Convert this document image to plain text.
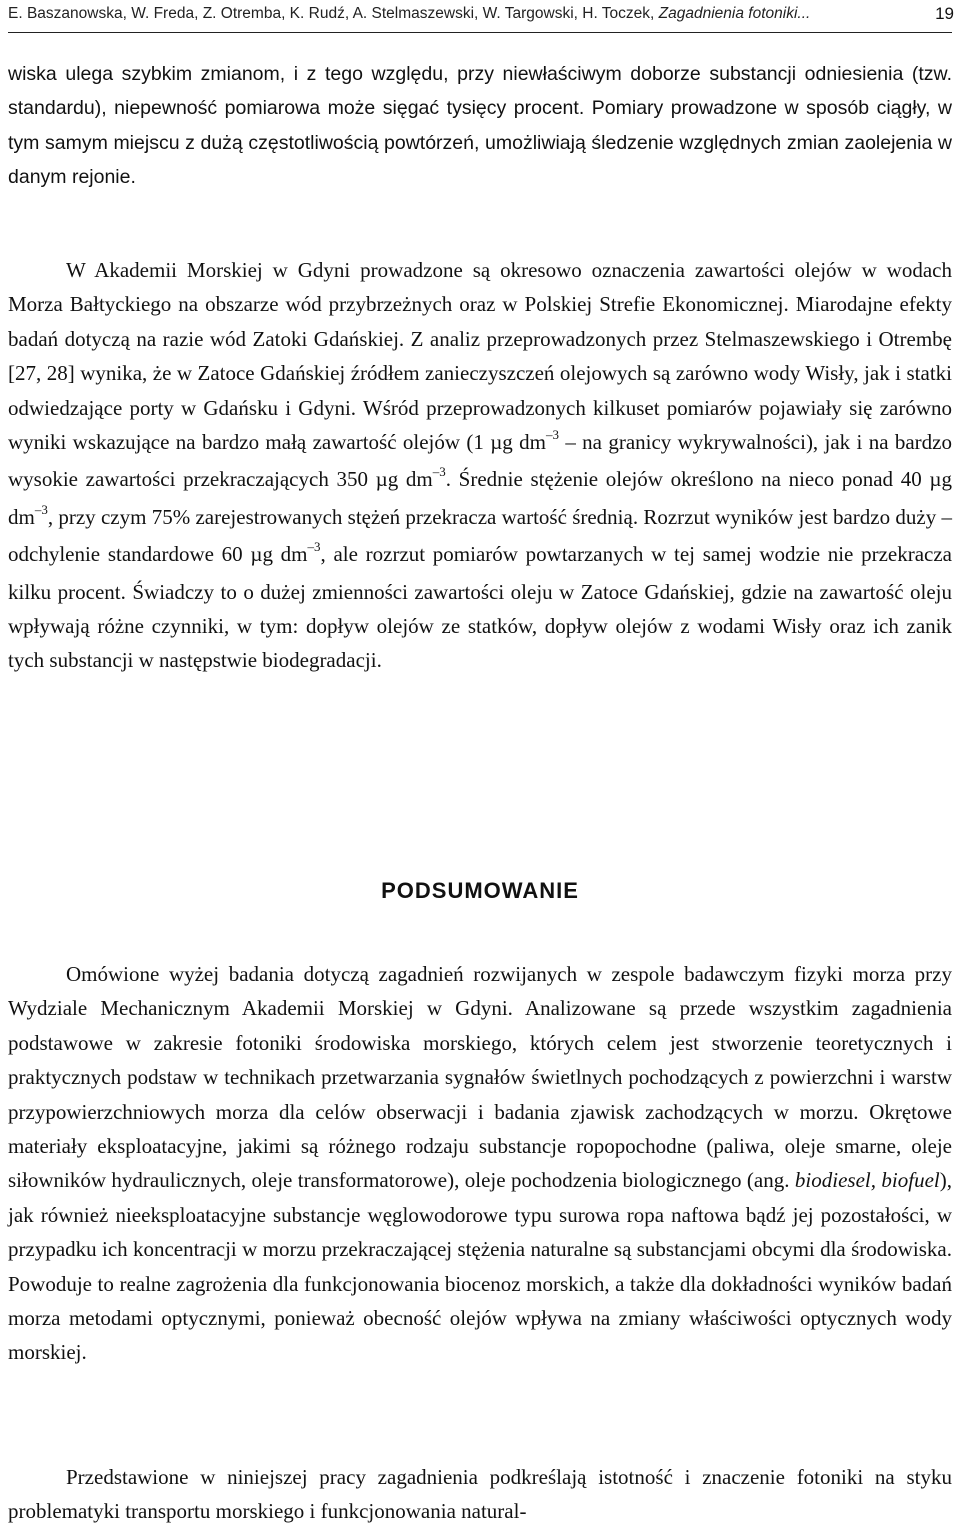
E. Baszanowska, W. Freda, Z. Otremba, K. Rudź, A. Stelmaszewski, W. Targowski, H. Toczek, Zagadnienia fotoniki...	19

wiska ulega szybkim zmianom, i z tego względu, przy niewłaściwym doborze substancji odniesienia (tzw. standardu), niepewność pomiarowa może sięgać tysięcy procent. Pomiary prowadzone w sposób ciągły, w tym samym miejscu z dużą częstotliwością powtórzeń, umożliwiają śledzenie względnych zmian zaolejenia w danym rejonie.

W Akademii Morskiej w Gdyni prowadzone są okresowo oznaczenia zawartości olejów w wodach Morza Bałtyckiego na obszarze wód przybrzeżnych oraz w Polskiej Strefie Ekonomicznej. Miarodajne efekty badań dotyczą na razie wód Zatoki Gdańskiej. Z analiz przeprowadzonych przez Stelmaszewskiego i Otrembę [27, 28] wynika, że w Zatoce Gdańskiej źródłem zanieczyszczeń olejowych są zarówno wody Wisły, jak i statki odwiedzające porty w Gdańsku i Gdyni. Wśród przeprowadzonych kilkuset pomiarów pojawiały się zarówno wyniki wskazujące na bardzo małą zawartość olejów (1 µg $dm^{-3}$ – na granicy wykrywalności), jak i na bardzo wysokie zawartości przekraczających 350 µg $dm^{-3}$. Średnie stężenie olejów określono na nieco ponad 40 µg $dm^{-3}$, przy czym 75% zarejestrowanych stężeń przekracza wartość średnią. Rozrzut wyników jest bardzo duży – odchylenie standardowe 60 µg $dm^{-3}$, ale rozrzut pomiarów powtarzanych w tej samej wodzie nie przekracza kilku procent. Świadczy to o dużej zmienności zawartości oleju w Zatoce Gdańskiej, gdzie na zawartość oleju wpływają różne czynniki, w tym: dopływ olejów ze statków, dopływ olejów z wodami Wisły oraz ich zanik tych substancji w następstwie biodegradacji.

PODSUMOWANIE

Omówione wyżej badania dotyczą zagadnień rozwijanych w zespole badawczym fizyki morza przy Wydziale Mechanicznym Akademii Morskiej w Gdyni. Analizowane są przede wszystkim zagadnienia podstawowe w zakresie fotoniki środowiska morskiego, których celem jest stworzenie teoretycznych i praktycznych podstaw w technikach przetwarzania sygnałów świetlnych pochodzących z powierzchni i warstw przypowierzchniowych morza dla celów obserwacji i badania zjawisk zachodzących w morzu. Okrętowe materiały eksploatacyjne, jakimi są różnego rodzaju substancje ropopochodne (paliwa, oleje smarne, oleje siłowników hydraulicznych, oleje transformatorowe), oleje pochodzenia biologicznego (ang. biodiesel, biofuel), jak również nieeksploatacyjne substancje węglowodorowe typu surowa ropa naftowa bądź jej pozostałości, w przypadku ich koncentracji w morzu przekraczającej stężenia naturalne są substancjami obcymi dla środowiska. Powoduje to realne zagrożenia dla funkcjonowania biocenoz morskich, a także dla dokładności wyników badań morza metodami optycznymi, ponieważ obecność olejów wpływa na zmiany właściwości optycznych wody morskiej.

Przedstawione w niniejszej pracy zagadnienia podkreślają istotność i znaczenie fotoniki na styku problematyki transportu morskiego i funkcjonowania natural-
